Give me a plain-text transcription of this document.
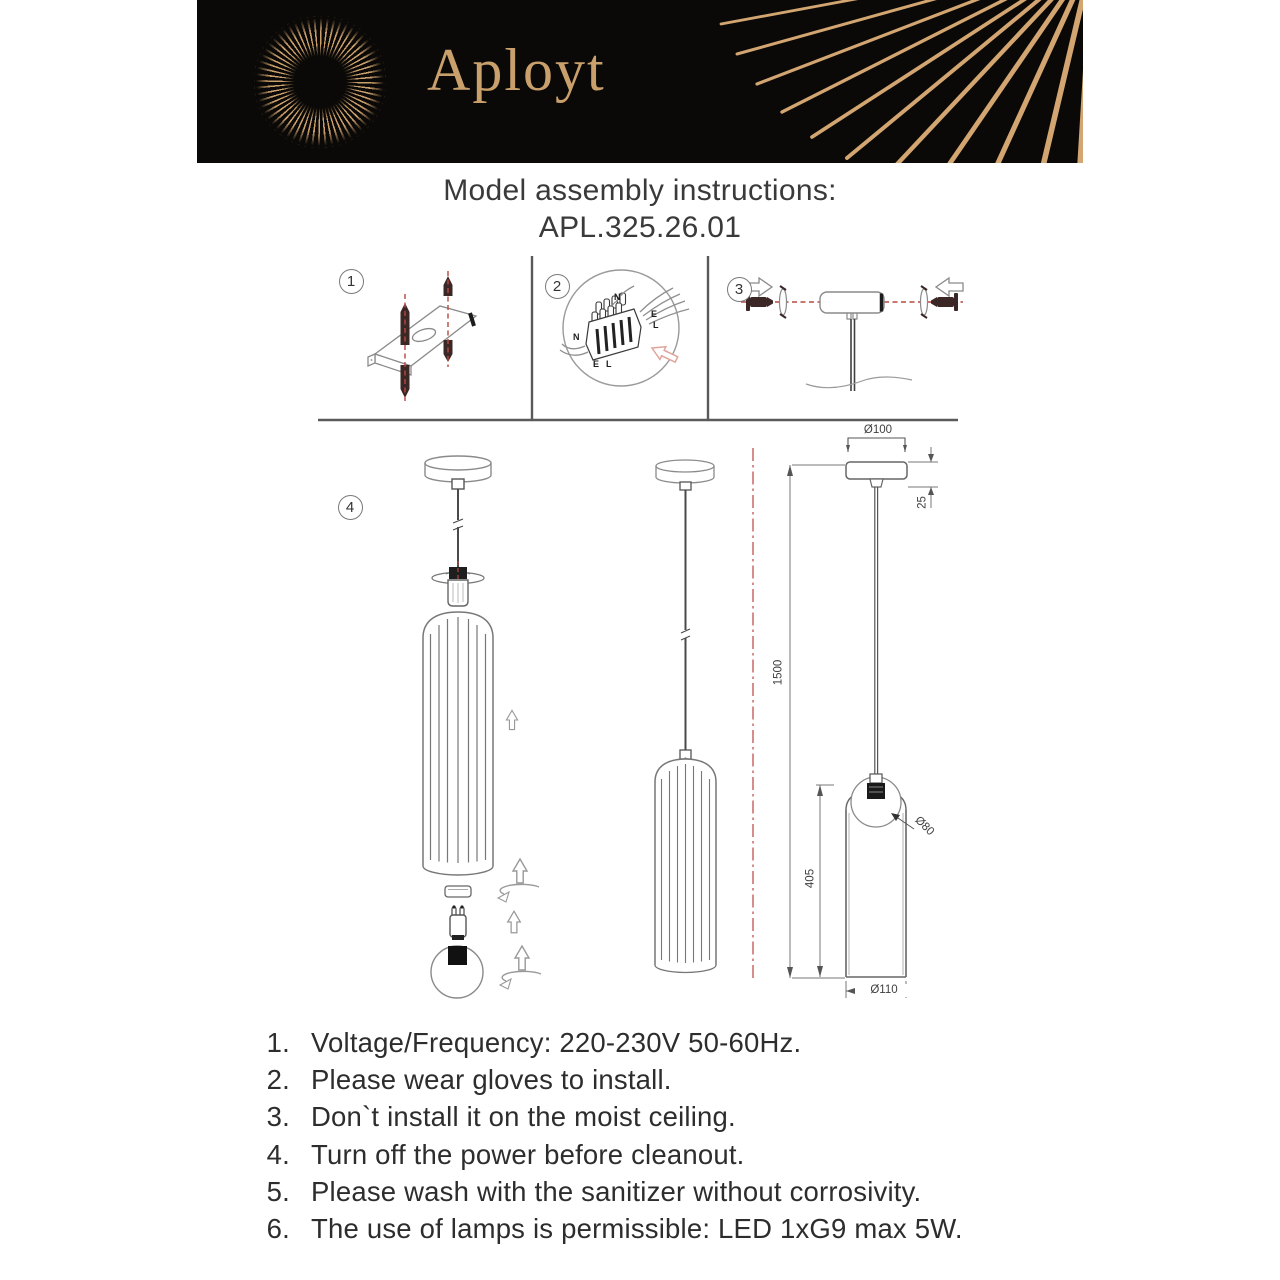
Aployt
Model assembly instructions:
APL.325.26.01
1	2	3
4
N
E
L
N
E L
Ø100
25
1500
Ø80
405
Ø110
1. Voltage/Frequency: 220-230V 50-60Hz.
2. Please wear gloves to install.
3. Don`t install it on the moist ceiling.
4. Turn off the power before cleanout.
5. Please wash with the sanitizer without corrosivity.
6. The use of lamps is permissible: LED 1xG9 max 5W.
